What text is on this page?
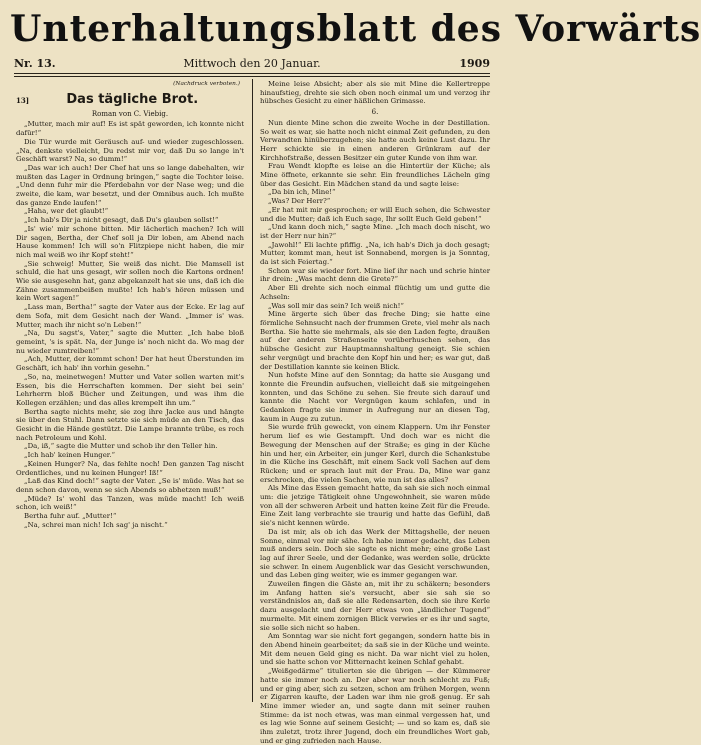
Unterhaltungsblatt des Vorwärts
Nr. 13.	Mittwoch den 20 Januar.	1909
(Nachdruck verboten.)
13]	Das tägliche Brot.
Roman von C. Viebig.

„Mutter, mach mir auf! Es ist spät geworden, ich konnte nicht dafür!“

Die Tür wurde mit Geräusch auf- und wieder zugeschlossen. „Na, denkste vielleicht, Du redst mir vor, daß Du so lange in't Geschäft warst? Na, so dumm!“

„Das war ich auch! Der Chef hat uns so lange dabehalten, wir mußten das Lager in Ordnung bringen,“ sagte die Tochter leise. „Und denn fuhr mir die Pferdebahn vor der Nase weg; und die zweite, die kam, war besetzt, und der Omnibus auch. Ich mußte das ganze Ende laufen!“

„Haha, wer det glaubt!“

„Ich hab's Dir ja nicht gesagt, daß Du's glauben sollst!“

„Is' wie' mir schone bitten. Mir lächerlich machen? Ich will Dir sagen, Bertha, der Chef soll ja Dir loben, am Abend nach Hause kommen! Ich will so'n Flitzpiepe nicht haben, die mir nich mal weiß wo ihr Kopf steht!“

„Sie schweig! Mutter, Sie weiß das nicht. Die Mamsell ist schuld, die hat uns gesagt, wir sollen noch die Kartons ordnen! Wie sie ausgesehn hat, ganz abgekanzelt hat sie uns, daß ich die Zähne zusammenbeißen mußte! Ich hab's hören müssen und kein Wort sagen!“

„Lass man, Bertha!“ sagte der Vater aus der Ecke. Er lag auf dem Sofa, mit dem Gesicht nach der Wand. „Immer is' was. Mutter, mach ihr nicht so'n Leben!“

„Na, Du sagst's, Vater,“ sagte die Mutter. „Ich habe bloß gemeint, 's is spät. Na, der Junge is' noch nicht da. Wo mag der nu wieder rumtreiben!“

„Ach, Mutter, der kommt schon! Der hat heut Überstunden im Geschäft, ich hab' ihn vorhin gesehn.“

„So, na, meinetwegen! Mutter und Vater sollen warten mit's Essen, bis die Herrschaften kommen. Der sieht bei sein' Lehrherrn bloß Bücher und Zeitungen, und was ihm die Kollegen erzählen; und das alles krempelt ihn um.“

Bertha sagte nichts mehr, sie zog ihre Jacke aus und hängte sie über den Stuhl. Dann setzte sie sich müde an den Tisch, das Gesicht in die Hände gestützt. Die Lampe brannte trübe, es roch nach Petroleum und Kohl.

„Da, iß,“ sagte die Mutter und schob ihr den Teller hin.

„Ich hab' keinen Hunger.“

„Keinen Hunger? Na, das fehlte noch! Den ganzen Tag nischt Ordentliches, und nu keinen Hunger! Iß!“

„Laß das Kind doch!“ sagte der Vater. „Se is' müde. Was hat se denn schon davon, wenn se sich Abends so abhetzen muß!“

„Müde? Is' wohl das Tanzen, was müde macht! Ich weiß schon, ich weiß!“

Bertha fuhr auf. „Mutter!“

„Na, schrei man nich! Ich sag' ja nischt.“

Meine leise Absicht; aber als sie mit Mine die Kellertreppe hinaufstieg, drehte sie sich oben noch einmal um und verzog ihr hübsches Gesicht zu einer häßlichen Grimasse.

6.

Nun diente Mine schon die zweite Woche in der Destillation. So weit es war, sie hatte noch nicht einmal Zeit gefunden, zu den Verwandten hinüberzugehen; sie hatte auch keine Lust dazu. Ihr Herr schickte sie in einen anderen Grünkram auf der Kirchhofstraße, dessen Besitzer ein guter Kunde von ihm war.

Frau Wendt klopfte es leise an die Hintertür der Küche; als Mine öffnete, erkannte sie sehr. Ein freundliches Lächeln ging über das Gesicht. Ein Mädchen stand da und sagte leise:

„Da bin ich, Mine!“

„Was? Der Herr?“

„Er hat mit mir gesprochen; er will Euch sehen, die Schwester und die Mutter; daß ich Euch sage, Ihr sollt Euch Geld geben!“

„Und kann doch nich,“ sagte Mine. „Ich mach doch nischt, wo ist der Herr nur hin?“

„Jawohl!“ Eli lachte pfiffig. „Na, ich hab's Dich ja doch gesagt; Mutter, kommt man, heut ist Sonnabend, morgen is ja Sonntag, da ist sich Feiertag.“

Schon war sie wieder fort. Mine lief ihr nach und schrie hinter ihr drein: „Was macht denn die Grete?“

Aber Eli drehte sich noch einmal flüchtig um und gutte die Achseln:

„Was soll mir das sein? Ich weiß nich!“

Mine ärgerte sich über das freche Ding; sie hatte eine förmliche Sehnsucht nach der frummen Grete, viel mehr als nach Bertha. Sie hatte sie mehrmals, als sie den Laden fegte, draußen auf der anderen Straßenseite vorüberhuschen sehen, das hübsche Gesicht zur Hauptmannshaltung geneigt. Sie schien sehr vergnügt und brachte den Kopf hin und her; es war gut, daß der Destillation kannte sie keinen Blick.

Nun hofste Mine auf den Sonntag; da hatte sie Ausgang und konnte die Freundin aufsuchen, vielleicht daß sie mitgeingehen konnten, und das Schöne zu sehen. Sie freute sich darauf und kannte die Nacht vor Vergnügen kaum schlafen, und in Gedanken fragte sie immer in Aufregung nur an diesen Tag, kaum in Auge zu zutun.

Sie wurde früh geweckt, von einem Klappern. Um ihr Fenster herum lief es wie Gestampft. Und doch war es nicht die Bewegung der Menschen auf der Straße; es ging in der Küche hin und her, ein Arbeiter, ein junger Kerl, durch die Schankstube in die Küche ins Geschäft, mit einem Sack voll Sachen auf dem Rücken; und er sprach laut mit der Frau. Da, Mine war ganz erschrocken, die vielen Sachen, wie nun ist das alles?

Als Mine das Essen gemacht hatte, da sah sie sich noch einmal um: die jetzige Tätigkeit ohne Ungewohnheit, sie waren müde von all der schweren Arbeit und hatten keine Zeit für die Freude. Eine Zeit lang verbrachte sie traurig und hatte das Gefühl, daß sie's nicht kennen würde.

Da ist mir, als ob ich das Werk der Mittagshelle, der neuen Sonne, einmal vor mir sähe. Ich habe immer gedacht, das Leben muß anders sein. Doch sie sagte es nicht mehr; eine große Last lag auf ihrer Seele, und der Gedanke, was werden solle, drückte sie schwer. In einem Augenblick war das Gesicht verschwunden, und das Leben ging weiter, wie es immer gegangen war.

Zuweilen fingen die Gäste an, mit ihr zu schäkern; besonders im Anfang hatten sie's versucht, aber sie sah sie so verständnislos an, daß sie alle Redensarten, doch sie ihre Kerle dazu ausgelacht und der Herr etwas von „ländlicher Tugend“ murmelte. Mit einem zornigen Blick verwies er es ihr und sagte, sie solle sich nicht so haben.

Am Sonntag war sie nicht fort gegangen, sondern hatte bis in den Abend hinein gearbeitet; da saß sie in der Küche und weinte. Mit dem neuen Geld ging es nicht. Da war nicht viel zu holen, und sie hatte schon vor Mitternacht keinen Schlaf gehabt.

„Weißgedärme“ titulierten sie die übrigen — der Kümmerer hatte sie immer noch an. Der aber war noch schlecht zu Fuß; und er ging aber, sich zu setzen, schon am frühen Morgen, wenn er Zigarren kaufte, der Laden war ihm nie groß genug. Er sah Mine immer wieder an, und sagte dann mit seiner rauhen Stimme: da ist noch etwas, was man einmal vergessen hat, und es lag wie Sonne auf seinem Gesicht; — und so kam es, daß sie ihm zuletzt, trotz ihrer Jugend, doch ein freundliches Wort gab, und er ging zufrieden nach Hause.
